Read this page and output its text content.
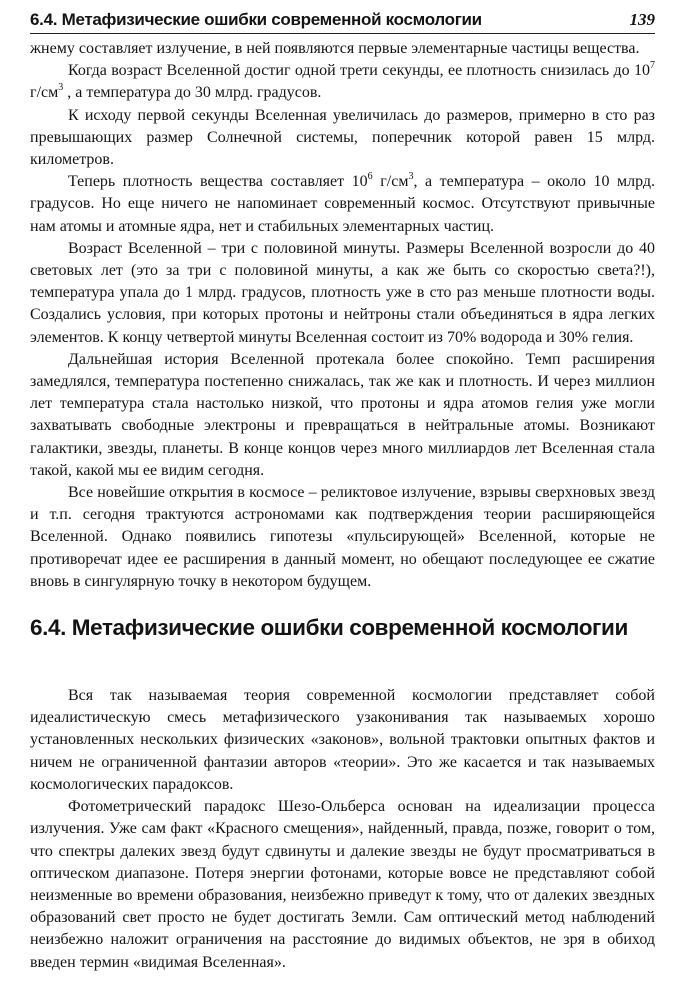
6.4. Метафизические ошибки современной космологии	139

жнему составляет излучение, в ней появляются первые элементарные частицы вещества.

Когда возраст Вселенной достиг одной трети секунды, ее плотность снизилась до $10^7$ $г/см^3$ , а температура до 30 млрд. градусов.

К исходу первой секунды Вселенная увеличилась до размеров, примерно в сто раз превышающих размер Солнечной системы, поперечник которой равен 15 млрд. километров.

Теперь плотность вещества составляет $10^6$ $г/см^3$, а температура – около 10 млрд. градусов. Но еще ничего не напоминает современный космос. Отсутствуют привычные нам атомы и атомные ядра, нет и стабильных элементарных частиц.

Возраст Вселенной – три с половиной минуты. Размеры Вселенной возросли до 40 световых лет (это за три с половиной минуты, а как же быть со скоростью света?!), температура упала до 1 млрд. градусов, плотность уже в сто раз меньше плотности воды. Создались условия, при которых протоны и нейтроны стали объединяться в ядра легких элементов. К концу четвертой минуты Вселенная состоит из 70% водорода и 30% гелия.

Дальнейшая история Вселенной протекала более спокойно. Темп расширения замедлялся, температура постепенно снижалась, так же как и плотность. И через миллион лет температура стала настолько низкой, что протоны и ядра атомов гелия уже могли захватывать свободные электроны и превращаться в нейтральные атомы. Возникают галактики, звезды, планеты. В конце концов через много миллиардов лет Вселенная стала такой, какой мы ее видим сегодня.

Все новейшие открытия в космосе – реликтовое излучение, взрывы сверхновых звезд и т.п. сегодня трактуются астрономами как подтверждения теории расширяющейся Вселенной. Однако появились гипотезы «пульсирующей» Вселенной, которые не противоречат идее ее расширения в данный момент, но обещают последующее ее сжатие вновь в сингулярную точку в некотором будущем.

6.4. Метафизические ошибки современной космологии

Вся так называемая теория современной космологии представляет собой идеалистическую смесь метафизического узаконивания так называемых хорошо установленных нескольких физических «законов», вольной трактовки опытных фактов и ничем не ограниченной фантазии авторов «теории». Это же касается и так называемых космологических парадоксов.

Фотометрический парадокс Шезо-Ольберса основан на идеализации процесса излучения. Уже сам факт «Красного смещения», найденный, правда, позже, говорит о том, что спектры далеких звезд будут сдвинуты и далекие звезды не будут просматриваться в оптическом диапазоне. Потеря энергии фотонами, которые вовсе не представляют собой неизменные во времени образования, неизбежно приведут к тому, что от далеких звездных образований свет просто не будет достигать Земли. Сам оптический метод наблюдений неизбежно наложит ограничения на расстояние до видимых объектов, не зря в обиход введен термин «видимая Вселенная».
